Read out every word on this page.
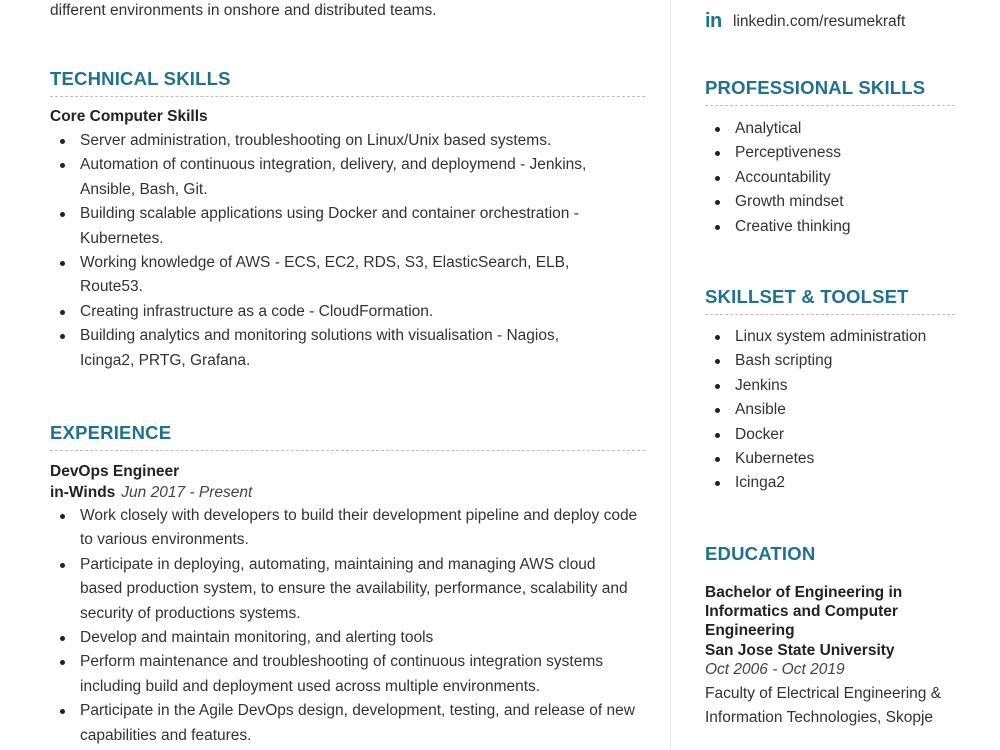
different environments in onshore and distributed teams.
TECHNICAL SKILLS
Core Computer Skills
Server administration, troubleshooting on Linux/Unix based systems.
Automation of continuous integration, delivery, and deploymend - Jenkins, Ansible, Bash, Git.
Building scalable applications using Docker and container orchestration - Kubernetes.
Working knowledge of AWS - ECS, EC2, RDS, S3, ElasticSearch, ELB, Route53.
Creating infrastructure as a code - CloudFormation.
Building analytics and monitoring solutions with visualisation - Nagios, Icinga2, PRTG, Grafana.
EXPERIENCE
DevOps Engineer
in-Winds Jun 2017 - Present
Work closely with developers to build their development pipeline and deploy code to various environments.
Participate in deploying, automating, maintaining and managing AWS cloud based production system, to ensure the availability, performance, scalability and security of productions systems.
Develop and maintain monitoring, and alerting tools
Perform maintenance and troubleshooting of continuous integration systems including build and deployment used across multiple environments.
Participate in the Agile DevOps design, development, testing, and release of new capabilities and features.
in linkedin.com/resumekraft
PROFESSIONAL SKILLS
Analytical
Perceptiveness
Accountability
Growth mindset
Creative thinking
SKILLSET & TOOLSET
Linux system administration
Bash scripting
Jenkins
Ansible
Docker
Kubernetes
Icinga2
EDUCATION
Bachelor of Engineering in Informatics and Computer Engineering
San Jose State University
Oct 2006 - Oct 2019
Faculty of Electrical Engineering & Information Technologies, Skopje
